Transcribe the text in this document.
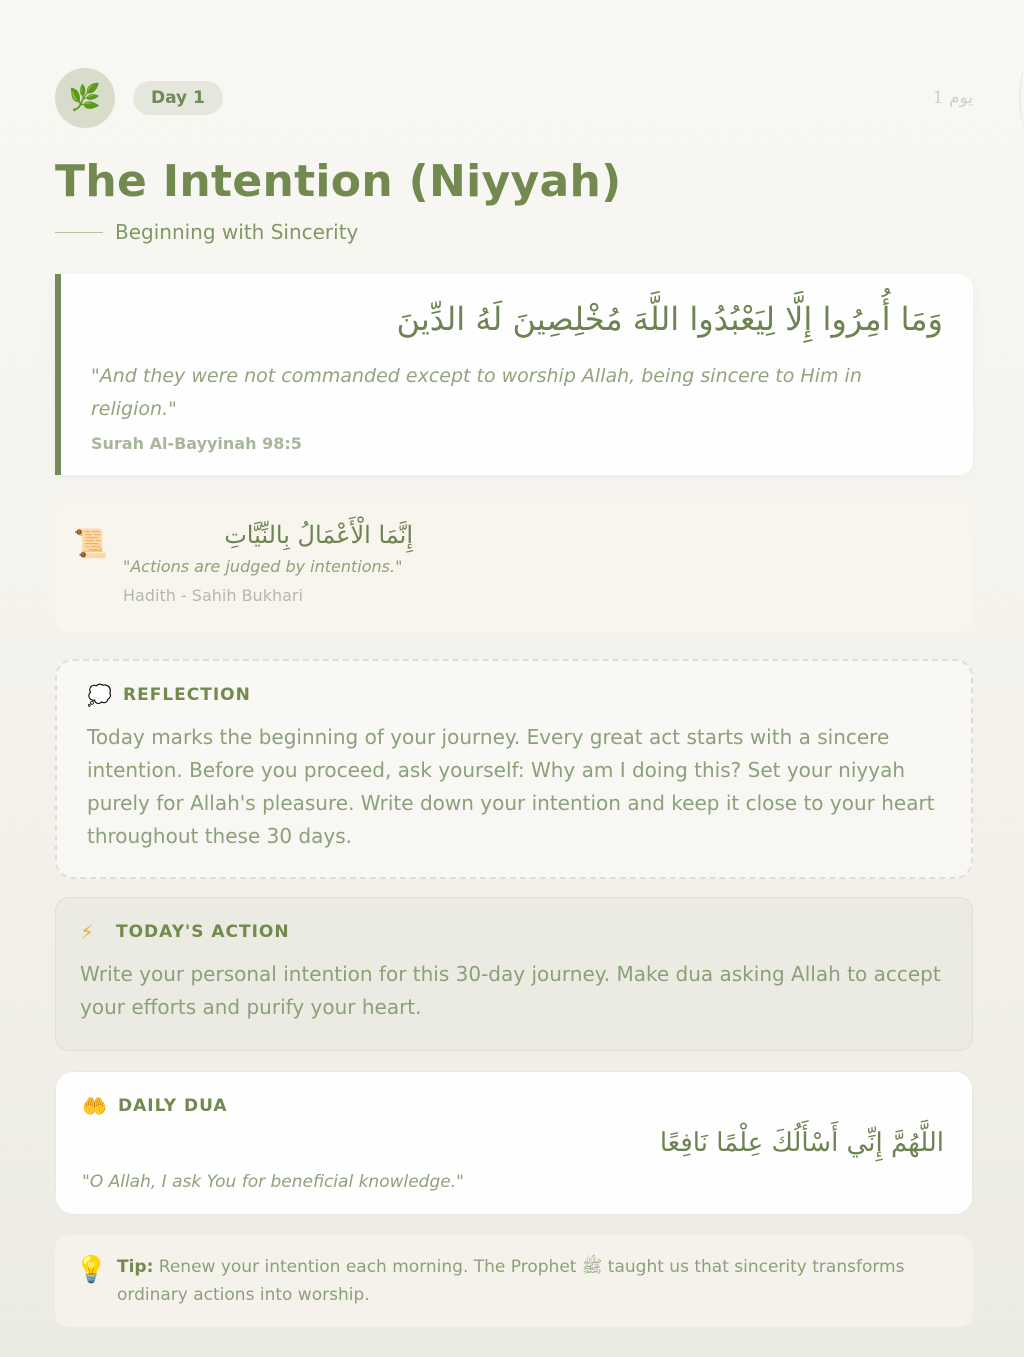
🌿	Day 1	يوم 1
The Intention (Niyyah)
Beginning with Sincerity
وَمَا أُمِرُوا إِلَّا لِيَعْبُدُوا اللَّهَ مُخْلِصِينَ لَهُ الدِّينَ
"And they were not commanded except to worship Allah, being sincere to Him in religion."
Surah Al-Bayyinah 98:5
📜	إِنَّمَا الْأَعْمَالُ بِالنِّيَّاتِ
"Actions are judged by intentions."
Hadith - Sahih Bukhari
💭 REFLECTION
Today marks the beginning of your journey. Every great act starts with a sincere intention. Before you proceed, ask yourself: Why am I doing this? Set your niyyah purely for Allah's pleasure. Write down your intention and keep it close to your heart throughout these 30 days.
⚡	TODAY'S ACTION
Write your personal intention for this 30-day journey. Make dua asking Allah to accept your efforts and purify your heart.
🤲 DAILY DUA
اللَّهُمَّ إِنِّي أَسْأَلُكَ عِلْمًا نَافِعًا
"O Allah, I ask You for beneficial knowledge."
💡 Tip: Renew your intention each morning. The Prophet ﷺ taught us that sincerity transforms ordinary actions into worship.
